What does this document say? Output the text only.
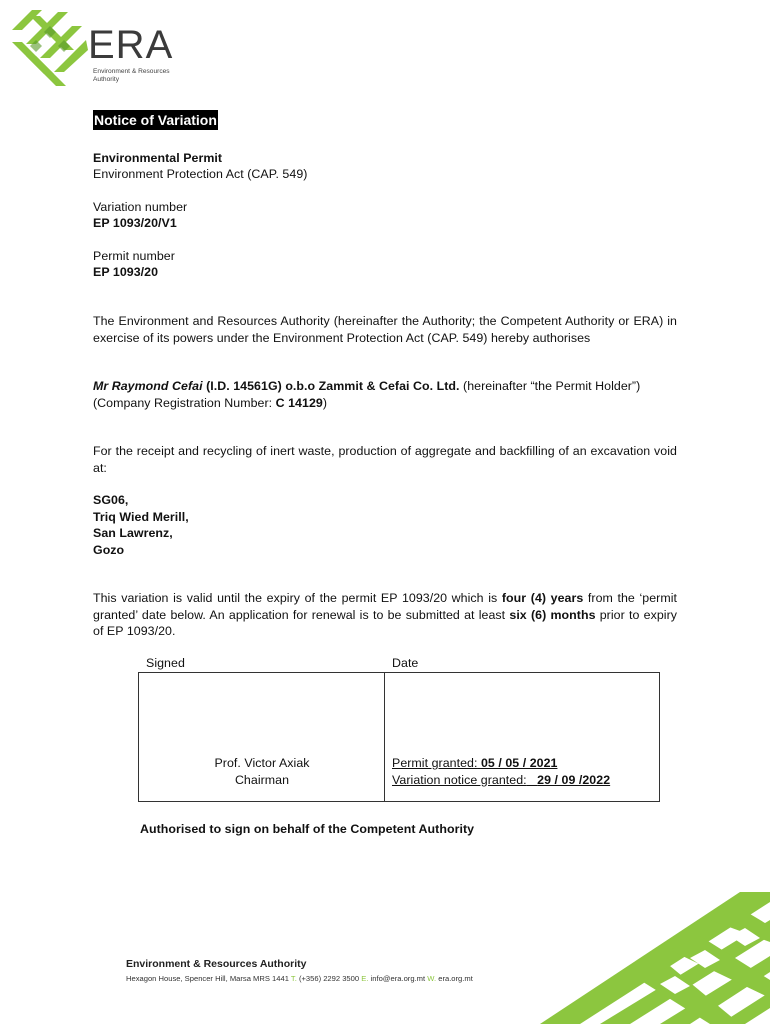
ERA
Environment & Resources
Authority
Notice of Variation
Environmental Permit
Environment Protection Act (CAP. 549)
Variation number
EP 1093/20/V1
Permit number
EP 1093/20
The Environment and Resources Authority (hereinafter the Authority; the Competent Authority or ERA) in exercise of its powers under the Environment Protection Act (CAP. 549) hereby authorises
Mr Raymond Cefai (I.D. 14561G) o.b.o Zammit & Cefai Co. Ltd. (hereinafter “the Permit Holder”)
(Company Registration Number: C 14129)
For the receipt and recycling of inert waste, production of aggregate and backfilling of an excavation void at:
SG06,
Triq Wied Merill,
San Lawrenz,
Gozo
This variation is valid until the expiry of the permit EP 1093/20 which is four (4) years from the ‘permit granted’ date below. An application for renewal is to be submitted at least six (6) months prior to expiry of EP 1093/20.
Signed	Date
Prof. Victor Axiak
Chairman
Permit granted: 05 / 05 / 2021
Variation notice granted: 29 / 09 /2022
Authorised to sign on behalf of the Competent Authority
Environment & Resources Authority
Hexagon House, Spencer Hill, Marsa MRS 1441 T. (+356) 2292 3500 E. info@era.org.mt W. era.org.mt
